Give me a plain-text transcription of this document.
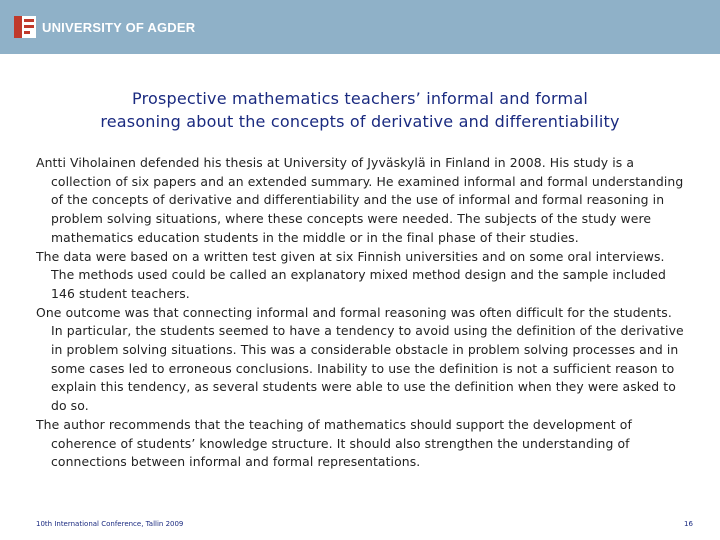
UNIVERSITY OF AGDER
Prospective mathematics teachers’ informal and formal
reasoning about the concepts of derivative and differentiability

Antti Viholainen defended his thesis at University of Jyväskylä in Finland in 2008. His study is a collection of six papers and an extended summary. He examined informal and formal understanding of the concepts of derivative and differentiability and the use of informal and formal reasoning in problem solving situations, where these concepts were needed. The subjects of the study were mathematics education students in the middle or in the final phase of their studies.

The data were based on a written test given at six Finnish universities and on some oral interviews. The methods used could be called an explanatory mixed method design and the sample included 146 student teachers.

One outcome was that connecting informal and formal reasoning was often difficult for the students. In particular, the students seemed to have a tendency to avoid using the definition of the derivative in problem solving situations. This was a considerable obstacle in problem solving processes and in some cases led to erroneous conclusions. Inability to use the definition is not a sufficient reason to explain this tendency, as several students were able to use the definition when they were asked to do so.

The author recommends that the teaching of mathematics should support the development of coherence of students’ knowledge structure. It should also strengthen the understanding of connections between informal and formal representations.

10th International Conference, Tallin 2009	16
